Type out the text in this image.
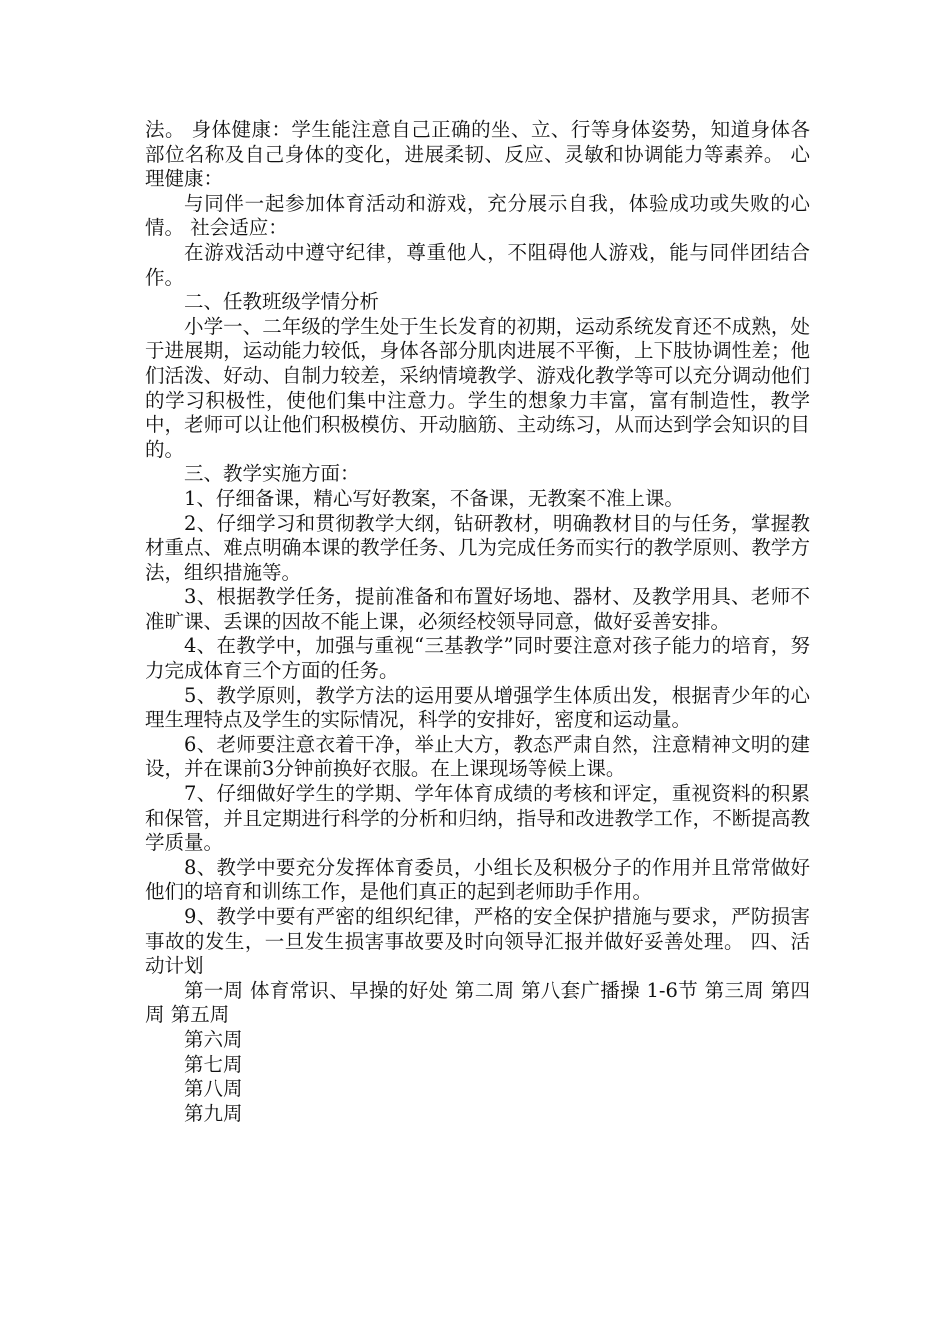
法。 身体健康：学生能注意自己正确的坐、立、行等身体姿势，知道身体各部位名称及自己身体的变化，进展柔韧、反应、灵敏和协调能力等素养。 心理健康：

与同伴一起参加体育活动和游戏，充分展示自我，体验成功或失败的心情。 社会适应：

在游戏活动中遵守纪律，尊重他人，不阻碍他人游戏，能与同伴团结合作。

二、任教班级学情分析

小学一、二年级的学生处于生长发育的初期，运动系统发育还不成熟，处于进展期，运动能力较低，身体各部分肌肉进展不平衡，上下肢协调性差；他们活泼、好动、自制力较差，采纳情境教学、游戏化教学等可以充分调动他们的学习积极性，使他们集中注意力。学生的想象力丰富，富有制造性，教学中，老师可以让他们积极模仿、开动脑筋、主动练习，从而达到学会知识的目的。

三、教学实施方面：

1、仔细备课，精心写好教案，不备课，无教案不准上课。

2、仔细学习和贯彻教学大纲，钻研教材，明确教材目的与任务，掌握教材重点、难点明确本课的教学任务、几为完成任务而实行的教学原则、教学方法，组织措施等。

3、根据教学任务，提前准备和布置好场地、器材、及教学用具、老师不准旷课、丢课的因故不能上课，必须经校领导同意，做好妥善安排。

4、在教学中，加强与重视“三基教学”同时要注意对孩子能力的培育，努力完成体育三个方面的任务。

5、教学原则，教学方法的运用要从增强学生体质出发，根据青少年的心理生理特点及学生的实际情况，科学的安排好，密度和运动量。

6、老师要注意衣着干净，举止大方，教态严肃自然，注意精神文明的建设，并在课前3分钟前换好衣服。在上课现场等候上课。

7、仔细做好学生的学期、学年体育成绩的考核和评定，重视资料的积累和保管，并且定期进行科学的分析和归纳，指导和改进教学工作，不断提高教学质量。

8、教学中要充分发挥体育委员，小组长及积极分子的作用并且常常做好他们的培育和训练工作，是他们真正的起到老师助手作用。

9、教学中要有严密的组织纪律，严格的安全保护措施与要求，严防损害事故的发生，一旦发生损害事故要及时向领导汇报并做好妥善处理。 四、活动计划

第一周 体育常识、早操的好处 第二周 第八套广播操 1-6节 第三周 第四周 第五周

第六周

第七周

第八周

第九周
